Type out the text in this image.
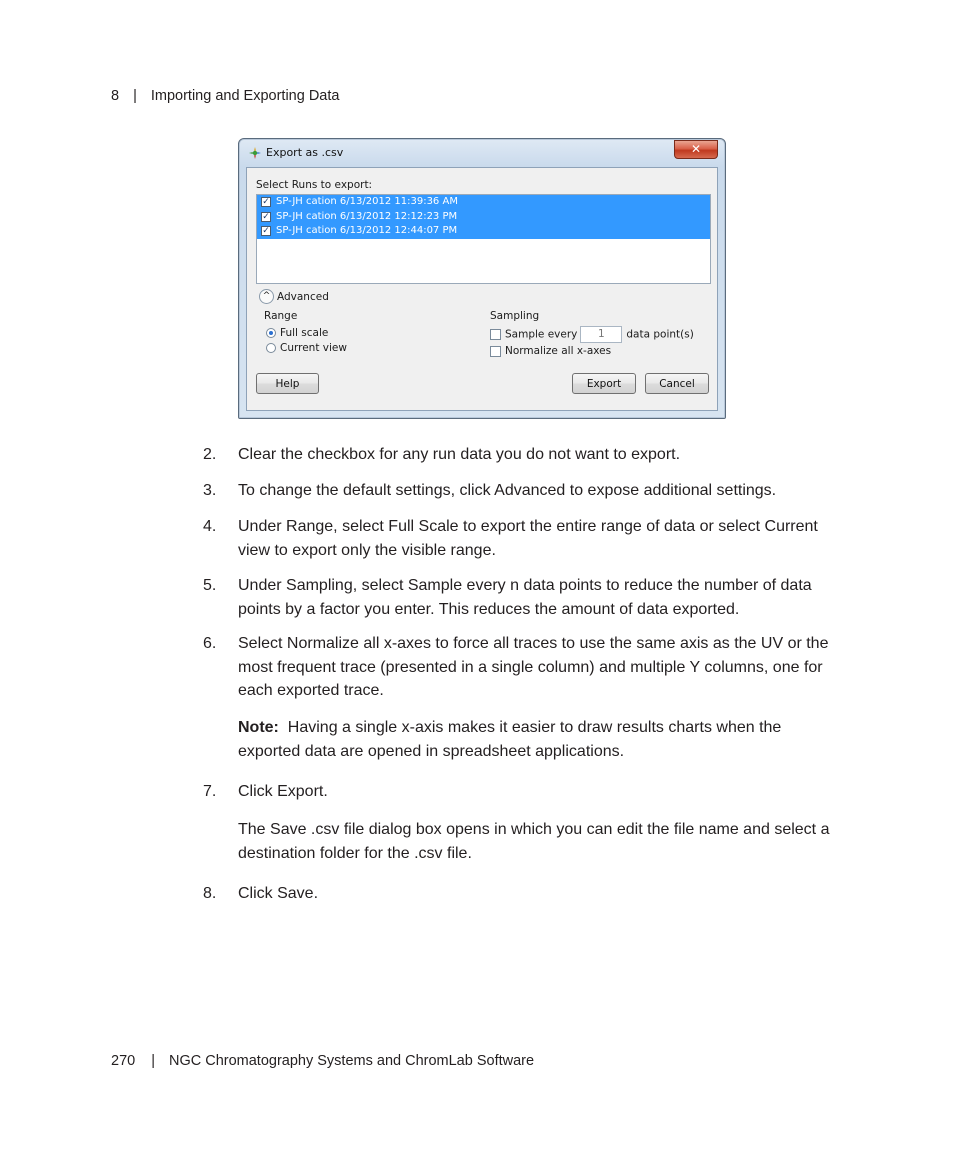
8 | Importing and Exporting Data
Export as .csv	✕
Select Runs to export:
✓ SP-JH cation 6/13/2012 11:39:36 AM
✓ SP-JH cation 6/13/2012 12:12:23 PM
✓ SP-JH cation 6/13/2012 12:44:07 PM
^ Advanced
Range
Full scale
Current view
Sampling
Sample every 1 data point(s)
Normalize all x-axes
Help	Export	Cancel
2.	Clear the checkbox for any run data you do not want to export.
3.	To change the default settings, click Advanced to expose additional settings.
4.	Under Range, select Full Scale to export the entire range of data or select Current view to export only the visible range.
5.	Under Sampling, select Sample every n data points to reduce the number of data points by a factor you enter. This reduces the amount of data exported.
6.	Select Normalize all x-axes to force all traces to use the same axis as the UV or the most frequent trace (presented in a single column) and multiple Y columns, one for each exported trace.
Note: Having a single x-axis makes it easier to draw results charts when the exported data are opened in spreadsheet applications.
7.	Click Export.
The Save .csv file dialog box opens in which you can edit the file name and select a destination folder for the .csv file.
8.	Click Save.
270 | NGC Chromatography Systems and ChromLab Software
